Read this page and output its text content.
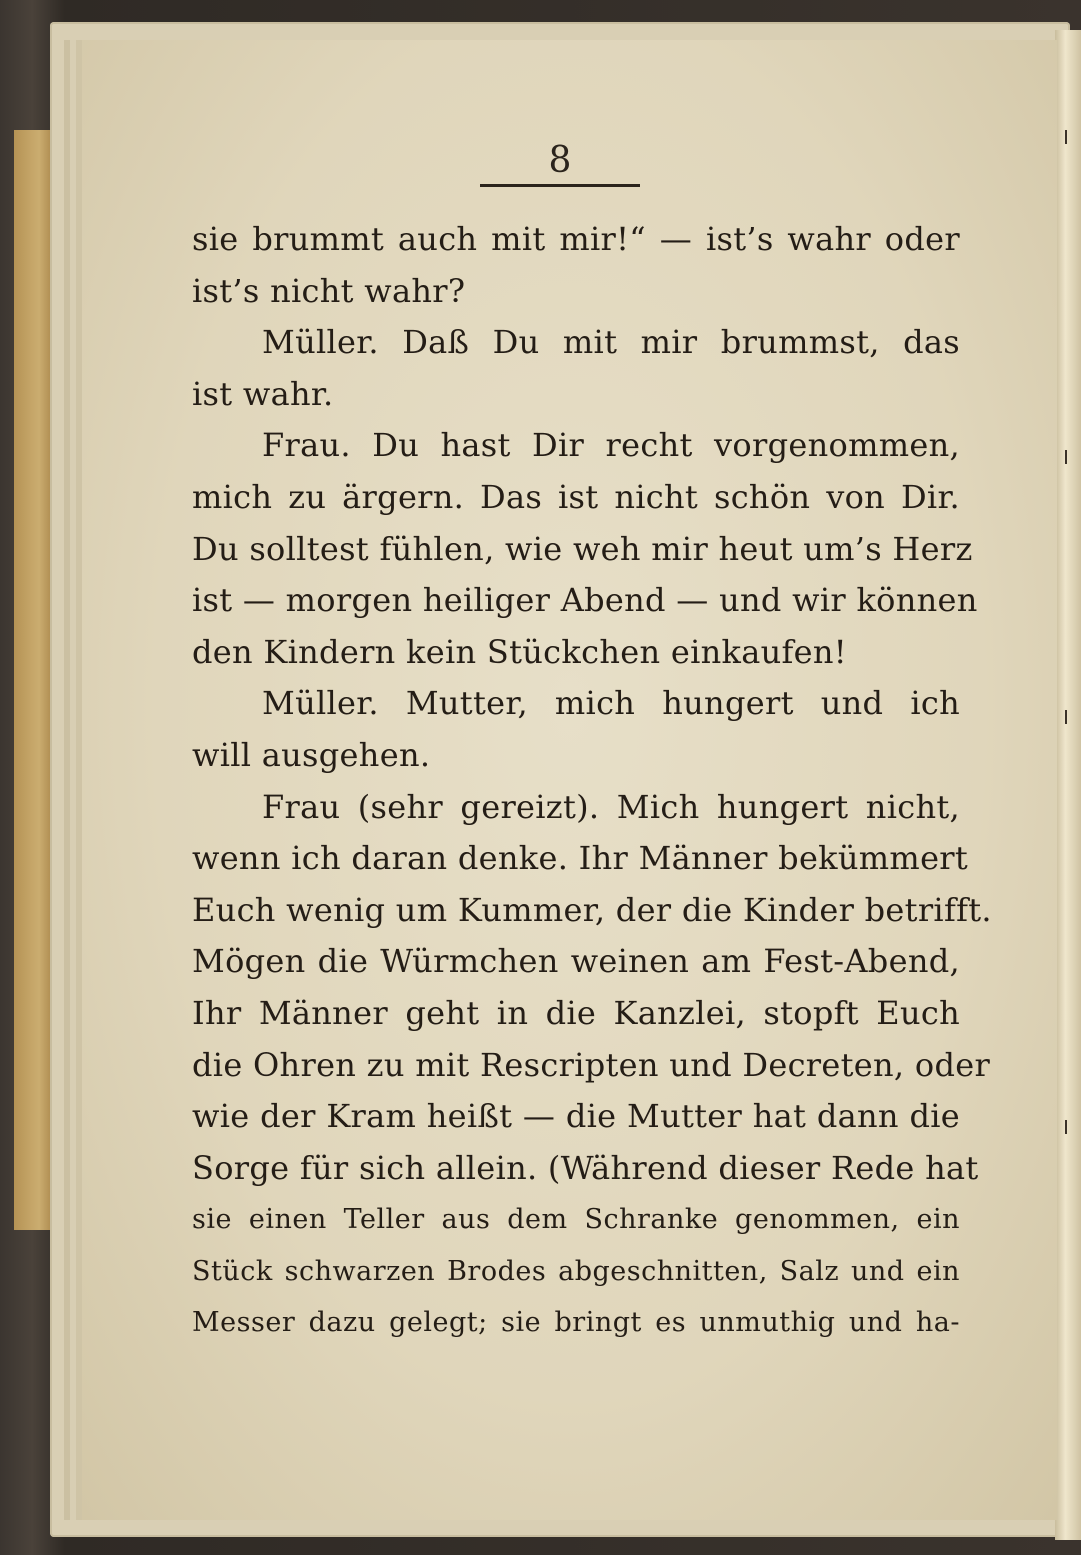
8
sie brummt auch mit mir!“ — ist’s wahr oder
ist’s nicht wahr?
Müller. Daß Du mit mir brummst, das
ist wahr.
Frau. Du hast Dir recht vorgenommen,
mich zu ärgern. Das ist nicht schön von Dir.
Du solltest fühlen, wie weh mir heut um’s Herz
ist — morgen heiliger Abend — und wir können
den Kindern kein Stückchen einkaufen!
Müller. Mutter, mich hungert und ich
will ausgehen.
Frau (sehr gereizt). Mich hungert nicht,
wenn ich daran denke. Ihr Männer bekümmert
Euch wenig um Kummer, der die Kinder betrifft.
Mögen die Würmchen weinen am Fest-Abend,
Ihr Männer geht in die Kanzlei, stopft Euch
die Ohren zu mit Rescripten und Decreten, oder
wie der Kram heißt — die Mutter hat dann die
Sorge für sich allein. (Während dieser Rede hat
sie einen Teller aus dem Schranke genommen, ein
Stück schwarzen Brodes abgeschnitten, Salz und ein
Messer dazu gelegt; sie bringt es unmuthig und ha-
